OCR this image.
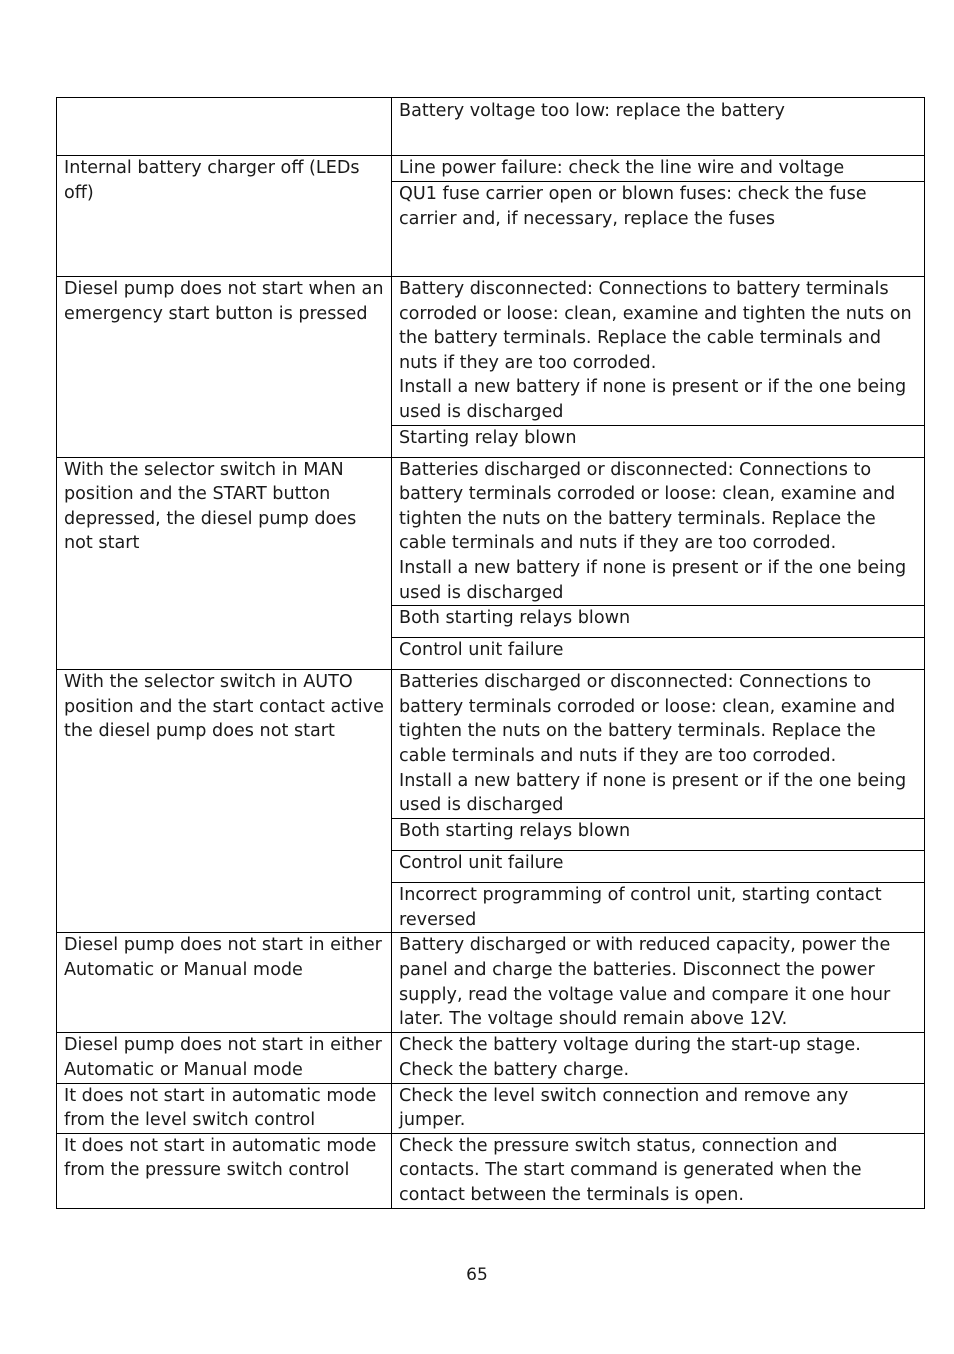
	Battery voltage too low: replace the battery
Internal battery charger off (LEDs off)	Line power failure: check the line wire and voltage
	QU1 fuse carrier open or blown fuses: check the fuse carrier and, if necessary, replace the fuses
Diesel pump does not start when an emergency start button is pressed	Battery disconnected: Connections to battery terminals corroded or loose: clean, examine and tighten the nuts on the battery terminals. Replace the cable terminals and nuts if they are too corroded.
Install a new battery if none is present or if the one being used is discharged
	Starting relay blown
With the selector switch in MAN position and the START button depressed, the diesel pump does not start	Batteries discharged or disconnected: Connections to battery terminals corroded or loose: clean, examine and tighten the nuts on the battery terminals. Replace the cable terminals and nuts if they are too corroded.
Install a new battery if none is present or if the one being used is discharged
	Both starting relays blown
	Control unit failure
With the selector switch in AUTO position and the start contact active the diesel pump does not start	Batteries discharged or disconnected: Connections to battery terminals corroded or loose: clean, examine and tighten the nuts on the battery terminals. Replace the cable terminals and nuts if they are too corroded.
Install a new battery if none is present or if the one being used is discharged
	Both starting relays blown
	Control unit failure
	Incorrect programming of control unit, starting contact reversed
Diesel pump does not start in either Automatic or Manual mode	Battery discharged or with reduced capacity, power the panel and charge the batteries. Disconnect the power supply, read the voltage value and compare it one hour later. The voltage should remain above 12V.
Diesel pump does not start in either Automatic or Manual mode	Check the battery voltage during the start-up stage. Check the battery charge.
It does not start in automatic mode from the level switch control	Check the level switch connection and remove any jumper.
It does not start in automatic mode from the pressure switch control	Check the pressure switch status, connection and contacts. The start command is generated when the contact between the terminals is open.
65
